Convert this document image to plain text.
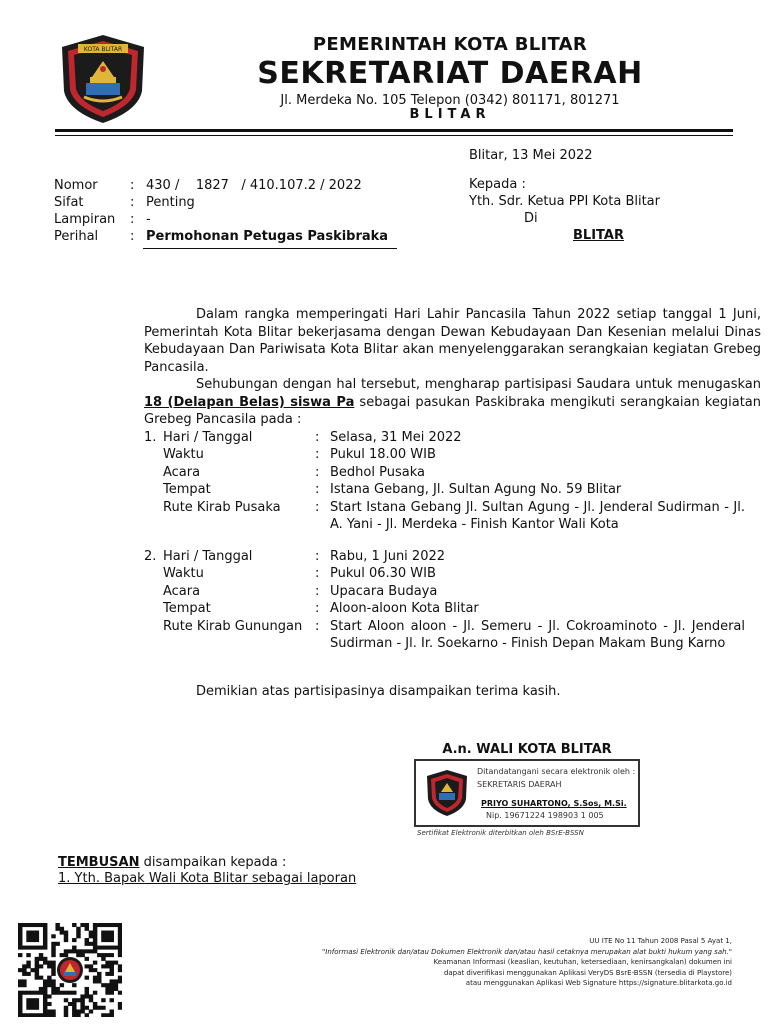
KOTA BLITAR	PEMERINTAH KOTA BLITAR
SEKRETARIAT DAERAH
Jl. Merdeka No. 105 Telepon (0342) 801171, 801271
BLITAR
Blitar, 13 Mei 2022
Nomor	: 430 /    1827   / 410.107.2 / 2022
Sifat	: Penting
Lampiran	: -
Perihal	: Permohonan Petugas Paskibraka
Kepada :
Yth. Sdr. Ketua PPI Kota Blitar
Di
BLITAR

Dalam rangka memperingati Hari Lahir Pancasila Tahun 2022 setiap tanggal 1 Juni, Pemerintah Kota Blitar bekerjasama dengan Dewan Kebudayaan Dan Kesenian melalui Dinas Kebudayaan Dan Pariwisata Kota Blitar akan menyelenggarakan serangkaian kegiatan Grebeg Pancasila.

Sehubungan dengan hal tersebut, mengharap partisipasi Saudara untuk menugaskan 18 (Delapan Belas) siswa Pa sebagai pasukan Paskibraka mengikuti serangkaian kegiatan Grebeg Pancasila pada :

1. Hari / Tanggal	: Selasa, 31 Mei 2022
Waktu	: Pukul 18.00 WIB
Acara	: Bedhol Pusaka
Tempat	: Istana Gebang, Jl. Sultan Agung No. 59 Blitar
Rute Kirab Pusaka	: Start Istana Gebang Jl. Sultan Agung - Jl. Jenderal Sudirman - Jl. A. Yani - Jl. Merdeka - Finish Kantor Wali Kota
2. Hari / Tanggal	: Rabu, 1 Juni 2022
Waktu	: Pukul 06.30 WIB
Acara	: Upacara Budaya
Tempat	: Aloon-aloon Kota Blitar
Rute Kirab Gunungan : Start Aloon aloon - Jl. Semeru - Jl. Cokroaminoto - Jl. Jenderal Sudirman - Jl. Ir. Soekarno - Finish Depan Makam Bung Karno
Demikian atas partisipasinya disampaikan terima kasih.
A.n. WALI KOTA BLITAR
Ditandatangani secara elektronik oleh :
SEKRETARIS DAERAH
PRIYO SUHARTONO, S.Sos, M.Si.
Nip. 19671224 198903 1 005
Sertifikat Elektronik diterbitkan oleh BSrE-BSSN
TEMBUSAN disampaikan kepada :
1. Yth. Bapak Wali Kota Blitar sebagai laporan
UU ITE No 11 Tahun 2008 Pasal 5 Ayat 1,
"Informasi Elektronik dan/atau Dokumen Elektronik dan/atau hasil cetaknya merupakan alat bukti hukum yang sah."
Keamanan Informasi (keaslian, keutuhan, ketersediaan, kenirsangkalan) dokumen ini
dapat diverifikasi menggunakan Aplikasi VeryDS BsrE-BSSN (tersedia di Playstore)
atau menggunakan Aplikasi Web Signature https://signature.blitarkota.go.id
